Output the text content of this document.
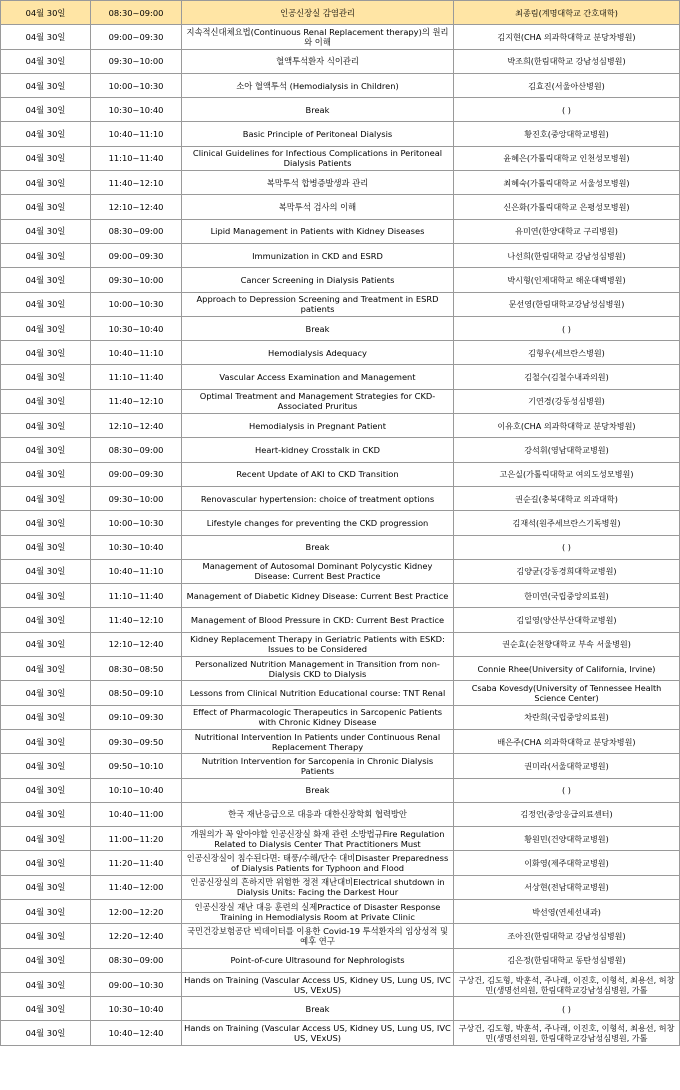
04월 30일	08:30~09:00	인공신장실 감염관리	최종림(계명대학교 간호대학)
04월 30일	09:00~09:30	지속적신대체요법(Continuous Renal Replacement therapy)의 원리와 이해	김지현(CHA 의과학대학교 분당차병원)
04월 30일	09:30~10:00	혈액투석환자 식이관리	박조희(한림대학교 강남성심병원)
04월 30일	10:00~10:30	소아 혈액투석 (Hemodialysis in Children)	김효진(서울아산병원)
04월 30일	10:30~10:40	Break	( )
04월 30일	10:40~11:10	Basic Principle of Peritoneal Dialysis	황진호(중앙대학교병원)
04월 30일	11:10~11:40	Clinical Guidelines for Infectious Complications in Peritoneal Dialysis Patients	윤혜은(가톨릭대학교 인천성모병원)
04월 30일	11:40~12:10	복막투석 합병증발생과 관리	최혜숙(가톨릭대학교 서울성모병원)
04월 30일	12:10~12:40	복막투석 검사의 이해	신은화(가톨릭대학교 은평성모병원)
04월 30일	08:30~09:00	Lipid Management in Patients with Kidney Diseases	유미연(한양대학교 구리병원)
04월 30일	09:00~09:30	Immunization in CKD and ESRD	나선희(한림대학교 강남성심병원)
04월 30일	09:30~10:00	Cancer Screening in Dialysis Patients	박시형(인제대학교 해운대백병원)
04월 30일	10:00~10:30	Approach to Depression Screening and Treatment in ESRD patients	문선영(한림대학교강남성심병원)
04월 30일	10:30~10:40	Break	( )
04월 30일	10:40~11:10	Hemodialysis Adequacy	김형우(세브란스병원)
04월 30일	11:10~11:40	Vascular Access Examination and Management	김철수(김철수내과의원)
04월 30일	11:40~12:10	Optimal Treatment and Management Strategies for CKD-Associated Pruritus	기연경(강동성심병원)
04월 30일	12:10~12:40	Hemodialysis in Pregnant Patient	이유호(CHA 의과학대학교 분당차병원)
04월 30일	08:30~09:00	Heart-kidney Crosstalk in CKD	강석휘(영남대학교병원)
04월 30일	09:00~09:30	Recent Update of AKI to CKD Transition	고은실(가톨릭대학교 여의도성모병원)
04월 30일	09:30~10:00	Renovascular hypertension: choice of treatment options	권순길(충북대학교 의과대학)
04월 30일	10:00~10:30	Lifestyle changes for preventing the CKD progression	김재석(원주세브란스기독병원)
04월 30일	10:30~10:40	Break	( )
04월 30일	10:40~11:10	Management of Autosomal Dominant Polycystic Kidney Disease: Current Best Practice	김양균(강동경희대학교병원)
04월 30일	11:10~11:40	Management of Diabetic Kidney Disease: Current Best Practice	한미연(국립중앙의료원)
04월 30일	11:40~12:10	Management of Blood Pressure in CKD: Current Best Practice	김일영(양산부산대학교병원)
04월 30일	12:10~12:40	Kidney Replacement Therapy in Geriatric Patients with ESKD: Issues to be Considered	권순효(순천향대학교 부속 서울병원)
04월 30일	08:30~08:50	Personalized Nutrition Management in Transition from non-Dialysis CKD to Dialysis	Connie Rhee(University of California, Irvine)
04월 30일	08:50~09:10	Lessons from Clinical Nutrition Educational course: TNT Renal	Csaba Kovesdy(University of Tennessee Health Science Center)
04월 30일	09:10~09:30	Effect of Pharmacologic Therapeutics in Sarcopenic Patients with Chronic Kidney Disease	차란희(국립중앙의료원)
04월 30일	09:30~09:50	Nutritional Intervention In Patients under Continuous Renal Replacement Therapy	배은주(CHA 의과학대학교 분당차병원)
04월 30일	09:50~10:10	Nutrition Intervention for Sarcopenia in Chronic Dialysis Patients	권미라(서울대학교병원)
04월 30일	10:10~10:40	Break	( )
04월 30일	10:40~11:00	한국 재난응급으로 대응과 대한신장학회 협력방안	김정언(중앙응급의료센터)
04월 30일	11:00~11:20	개원의가 꼭 알아야할 인공신장실 화재 관련 소방법규Fire Regulation Related to Dialysis Center That Practitioners Must	황원민(건양대학교병원)
04월 30일	11:20~11:40	인공신장실이 침수된다면: 태풍/수해/단수 대비Disaster Preparedness of Dialysis Patients for Typhoon and Flood	이화영(제주대학교병원)
04월 30일	11:40~12:00	인공신장실의 흔하지만 위험한 정전 재난대비Electrical shutdown in Dialysis Units: Facing the Darkest Hour	서상현(전남대학교병원)
04월 30일	12:00~12:20	인공신장실 재난 대응 훈련의 실제Practice of Disaster Response Training in Hemodialysis Room at Private Clinic	박선영(연세선내과)
04월 30일	12:20~12:40	국민건강보험공단 빅데이터를 이용한 Covid-19 투석환자의 임상성적 및 예후 연구	조아진(한림대학교 강남성심병원)
04월 30일	08:30~09:00	Point-of-cure Ultrasound for Nephrologists	김은정(한림대학교 동탄성심병원)
04월 30일	09:00~10:30	Hands on Training (Vascular Access US, Kidney US, Lung US, IVC US, VExUS)	구상건, 김도형, 박훈석, 주나래, 이진호, 이형석, 최용선, 허창민(생명선의원, 한림대학교강남성심병원, 가톨
04월 30일	10:30~10:40	Break	( )
04월 30일	10:40~12:40	Hands on Training (Vascular Access US, Kidney US, Lung US, IVC US, VExUS)	구상건, 김도형, 박훈석, 주나래, 이진호, 이형석, 최용선, 허창민(생명선의원, 한림대학교강남성심병원, 가톨
